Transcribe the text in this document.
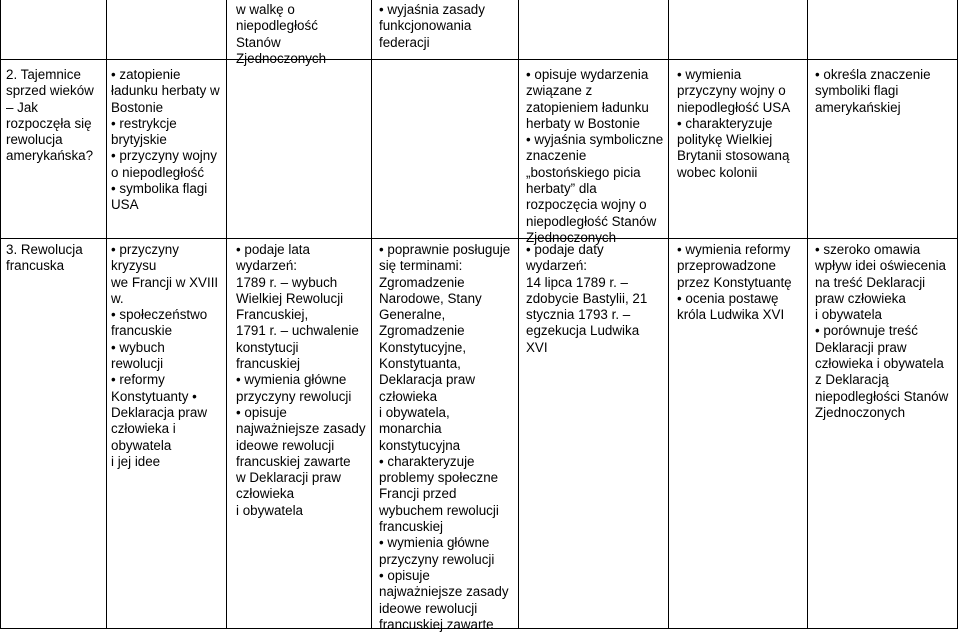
w walkę o
niepodległość
Stanów
Zjednoczonych
• wyjaśnia zasady
funkcjonowania
federacji
2. Tajemnice
sprzed wieków
– Jak
rozpoczęła się
rewolucja
amerykańska?
• zatopienie
ładunku herbaty w
Bostonie
• restrykcje
brytyjskie
• przyczyny wojny
o niepodległość
• symbolika flagi
USA
• opisuje wydarzenia
związane z
zatopieniem ładunku
herbaty w Bostonie
• wyjaśnia symboliczne
znaczenie
„bostońskiego picia
herbaty” dla
rozpoczęcia wojny o
niepodległość Stanów
Zjednoczonych
• wymienia
przyczyny wojny o
niepodległość USA
• charakteryzuje
politykę Wielkiej
Brytanii stosowaną
wobec kolonii
• określa znaczenie
symboliki flagi
amerykańskiej
3. Rewolucja
francuska
• przyczyny
kryzysu
we Francji w XVIII
w.
• społeczeństwo
francuskie
• wybuch
rewolucji
• reformy
Konstytuanty •
Deklaracja praw
człowieka i
obywatela
i jej idee
• podaje lata
wydarzeń:
1789 r. – wybuch
Wielkiej Rewolucji
Francuskiej,
1791 r. – uchwalenie
konstytucji
francuskiej
• wymienia główne
przyczyny rewolucji
• opisuje
najważniejsze zasady
ideowe rewolucji
francuskiej zawarte
w Deklaracji praw
człowieka
i obywatela
• poprawnie posługuje
się terminami:
Zgromadzenie
Narodowe, Stany
Generalne,
Zgromadzenie
Konstytucyjne,
Konstytuanta,
Deklaracja praw
człowieka
i obywatela,
monarchia
konstytucyjna
• charakteryzuje
problemy społeczne
Francji przed
wybuchem rewolucji
francuskiej
• wymienia główne
przyczyny rewolucji
• opisuje
najważniejsze zasady
ideowe rewolucji
francuskiej zawarte
• podaje daty
wydarzeń:
14 lipca 1789 r. –
zdobycie Bastylii, 21
stycznia 1793 r. –
egzekucja Ludwika
XVI
• wymienia reformy
przeprowadzone
przez Konstytuantę
• ocenia postawę
króla Ludwika XVI
• szeroko omawia
wpływ idei oświecenia
na treść Deklaracji
praw człowieka
i obywatela
• porównuje treść
Deklaracji praw
człowieka i obywatela
z Deklaracją
niepodległości Stanów
Zjednoczonych
